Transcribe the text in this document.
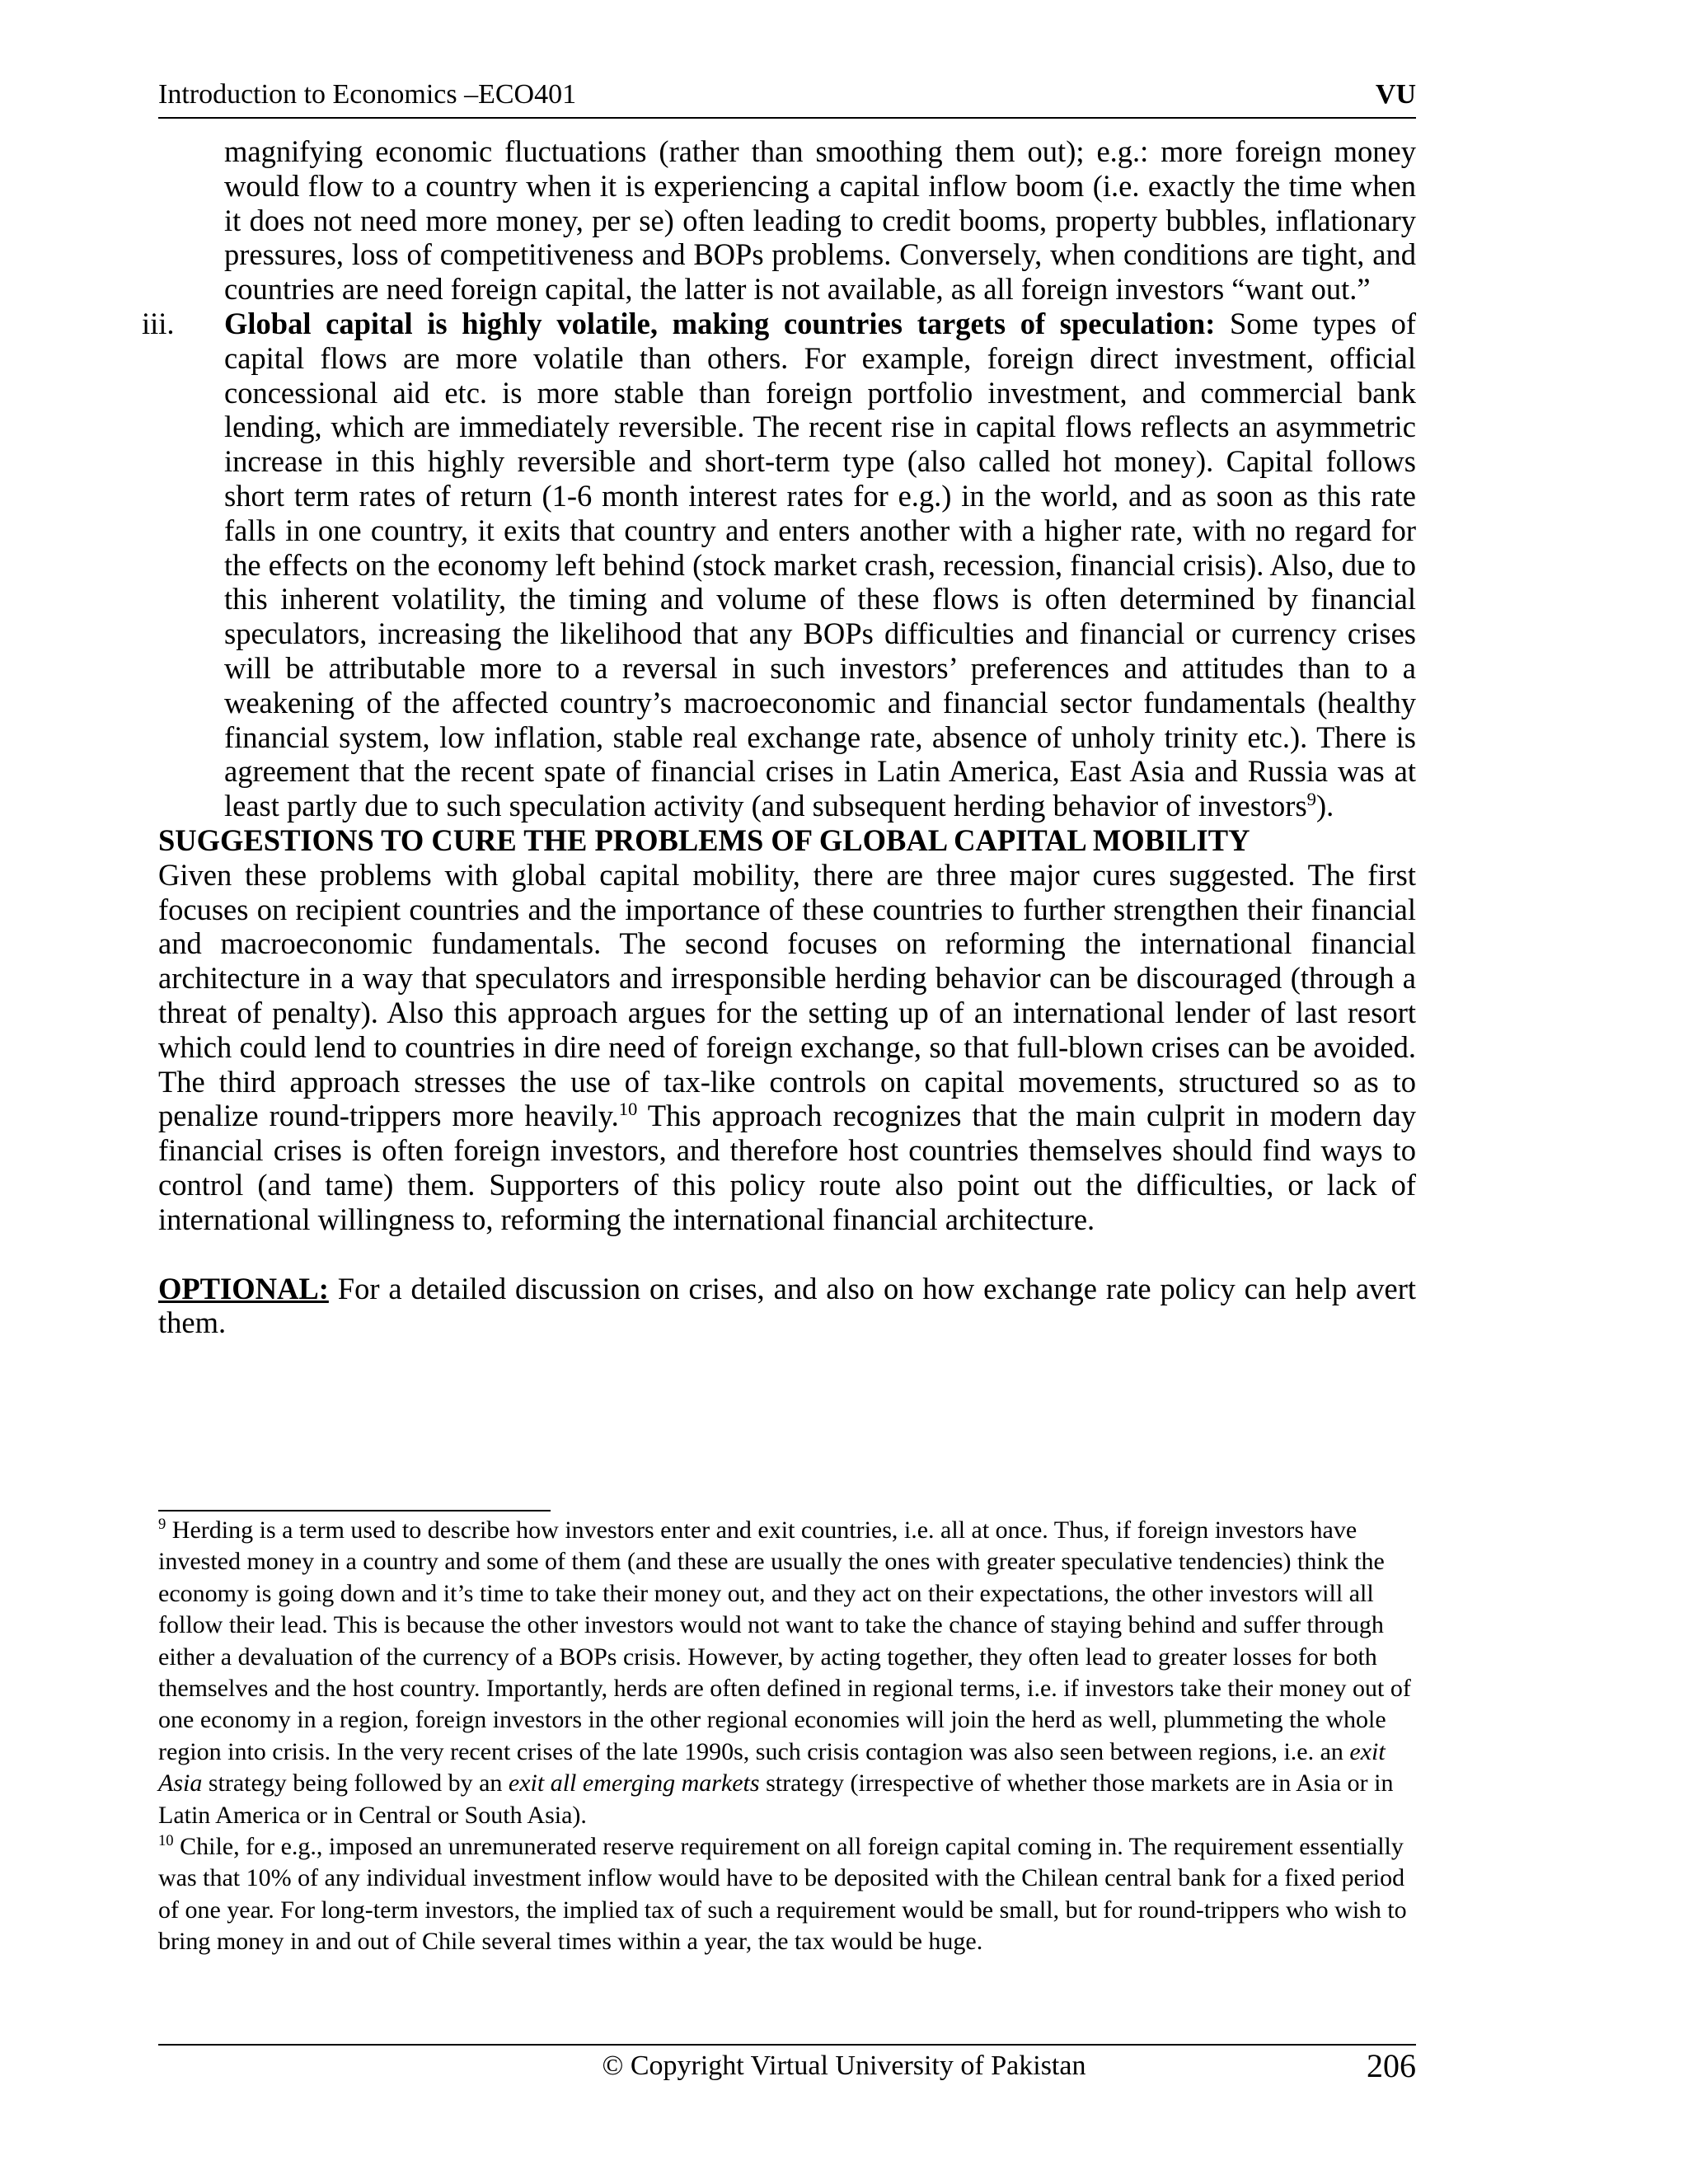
Introduction to Economics –ECO401	VU

magnifying economic fluctuations (rather than smoothing them out); e.g.: more foreign money would flow to a country when it is experiencing a capital inflow boom (i.e. exactly the time when it does not need more money, per se) often leading to credit booms, property bubbles, inflationary pressures, loss of competitiveness and BOPs problems. Conversely, when conditions are tight, and countries are need foreign capital, the latter is not available, as all foreign investors “want out.”

iii. Global capital is highly volatile, making countries targets of speculation: Some types of capital flows are more volatile than others. For example, foreign direct investment, official concessional aid etc. is more stable than foreign portfolio investment, and commercial bank lending, which are immediately reversible. The recent rise in capital flows reflects an asymmetric increase in this highly reversible and short-term type (also called hot money). Capital follows short term rates of return (1-6 month interest rates for e.g.) in the world, and as soon as this rate falls in one country, it exits that country and enters another with a higher rate, with no regard for the effects on the economy left behind (stock market crash, recession, financial crisis). Also, due to this inherent volatility, the timing and volume of these flows is often determined by financial speculators, increasing the likelihood that any BOPs difficulties and financial or currency crises will be attributable more to a reversal in such investors’ preferences and attitudes than to a weakening of the affected country’s macroeconomic and financial sector fundamentals (healthy financial system, low inflation, stable real exchange rate, absence of unholy trinity etc.). There is agreement that the recent spate of financial crises in Latin America, East Asia and Russia was at least partly due to such speculation activity (and subsequent herding behavior of investors$^9$).

SUGGESTIONS TO CURE THE PROBLEMS OF GLOBAL CAPITAL MOBILITY

Given these problems with global capital mobility, there are three major cures suggested. The first focuses on recipient countries and the importance of these countries to further strengthen their financial and macroeconomic fundamentals. The second focuses on reforming the international financial architecture in a way that speculators and irresponsible herding behavior can be discouraged (through a threat of penalty). Also this approach argues for the setting up of an international lender of last resort which could lend to countries in dire need of foreign exchange, so that full-blown crises can be avoided. The third approach stresses the use of tax-like controls on capital movements, structured so as to penalize round-trippers more heavily.$^{10}$ This approach recognizes that the main culprit in modern day financial crises is often foreign investors, and therefore host countries themselves should find ways to control (and tame) them. Supporters of this policy route also point out the difficulties, or lack of international willingness to, reforming the international financial architecture.

OPTIONAL: For a detailed discussion on crises, and also on how exchange rate policy can help avert them.

$^9$ Herding is a term used to describe how investors enter and exit countries, i.e. all at once. Thus, if foreign investors have invested money in a country and some of them (and these are usually the ones with greater speculative tendencies) think the economy is going down and it’s time to take their money out, and they act on their expectations, the other investors will all follow their lead. This is because the other investors would not want to take the chance of staying behind and suffer through either a devaluation of the currency of a BOPs crisis. However, by acting together, they often lead to greater losses for both themselves and the host country. Importantly, herds are often defined in regional terms, i.e. if investors take their money out of one economy in a region, foreign investors in the other regional economies will join the herd as well, plummeting the whole region into crisis. In the very recent crises of the late 1990s, such crisis contagion was also seen between regions, i.e. an exit Asia strategy being followed by an exit all emerging markets strategy (irrespective of whether those markets are in Asia or in Latin America or in Central or South Asia).

$^{10}$ Chile, for e.g., imposed an unremunerated reserve requirement on all foreign capital coming in. The requirement essentially was that 10% of any individual investment inflow would have to be deposited with the Chilean central bank for a fixed period of one year. For long-term investors, the implied tax of such a requirement would be small, but for round-trippers who wish to bring money in and out of Chile several times within a year, the tax would be huge.

© Copyright Virtual University of Pakistan	206
